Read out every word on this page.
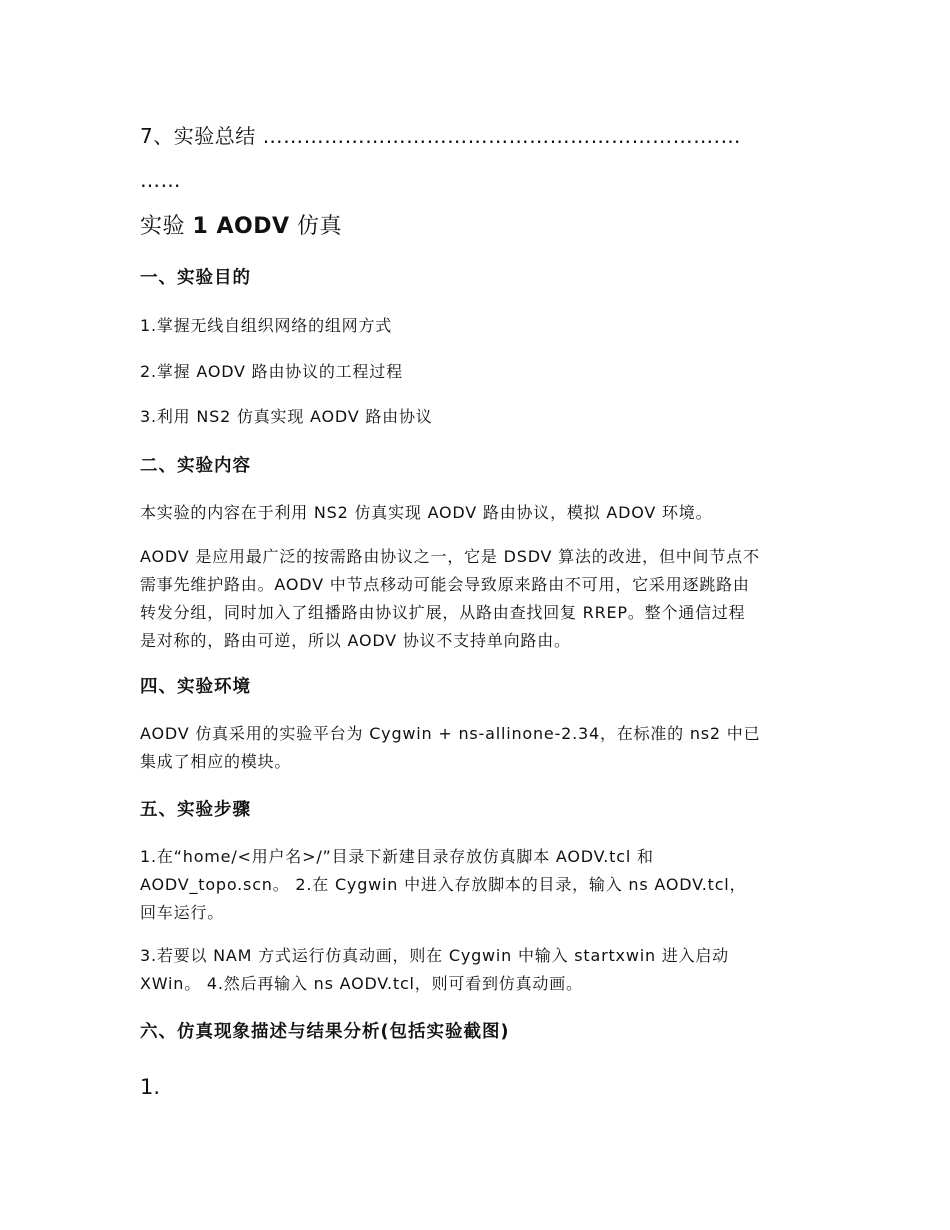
7、实验总结 ………………………………………………………….…
……
实验 1 AODV 仿真
一、实验目的

1.掌握无线自组织网络的组网方式

2.掌握 AODV 路由协议的工程过程

3.利用 NS2 仿真实现 AODV 路由协议

二、实验内容

本实验的内容在于利用 NS2 仿真实现 AODV 路由协议，模拟 ADOV 环境。

AODV 是应用最广泛的按需路由协议之一，它是 DSDV 算法的改进，但中间节点不
需事先维护路由。AODV 中节点移动可能会导致原来路由不可用，它采用逐跳路由
转发分组，同时加入了组播路由协议扩展，从路由查找回复 RREP。整个通信过程
是对称的，路由可逆，所以 AODV 协议不支持单向路由。
四、实验环境
AODV 仿真采用的实验平台为 Cygwin + ns-allinone-2.34，在标准的 ns2 中已
集成了相应的模块。
五、实验步骤
1.在“home/<用户名>/”目录下新建目录存放仿真脚本 AODV.tcl 和
AODV_topo.scn。 2.在 Cygwin 中进入存放脚本的目录，输入 ns AODV.tcl，
回车运行。
3.若要以 NAM 方式运行仿真动画，则在 Cygwin 中输入 startxwin 进入启动
XWin。 4.然后再输入 ns AODV.tcl，则可看到仿真动画。
六、仿真现象描述与结果分析(包括实验截图)

1.
